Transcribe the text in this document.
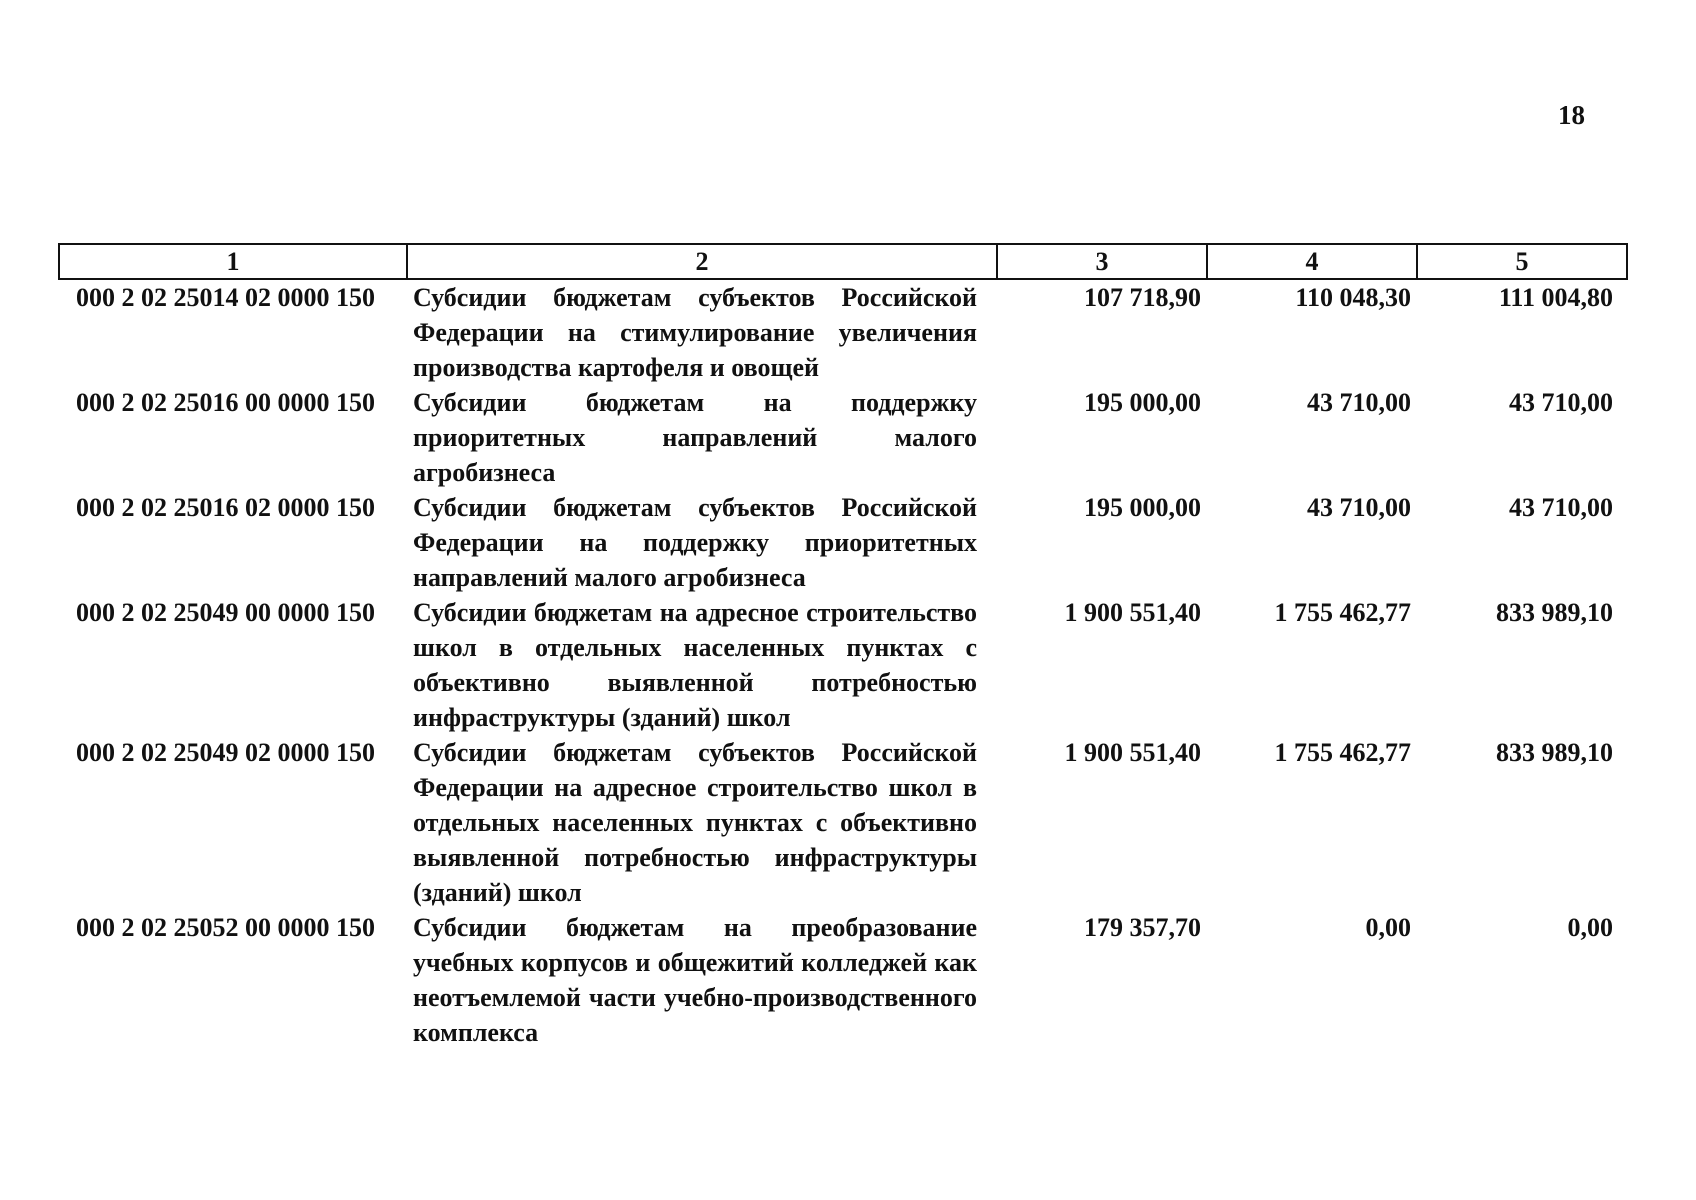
18
1	2	3	4	5
000 2 02 25014 02 0000 150	Субсидии бюджетам субъектов Российской Федерации на стимулирование увеличения производства картофеля и овощей	107 718,90	110 048,30	111 004,80
000 2 02 25016 00 0000 150	Субсидии бюджетам на поддержку приоритетных направлений малого агробизнеса	195 000,00	43 710,00	43 710,00
000 2 02 25016 02 0000 150	Субсидии бюджетам субъектов Российской Федерации на поддержку приоритетных направлений малого агробизнеса	195 000,00	43 710,00	43 710,00
000 2 02 25049 00 0000 150	Субсидии бюджетам на адресное строительство школ в отдельных населенных пунктах с объективно выявленной потребностью инфраструктуры (зданий) школ	1 900 551,40	1 755 462,77	833 989,10
000 2 02 25049 02 0000 150	Субсидии бюджетам субъектов Российской Федерации на адресное строительство школ в отдельных населенных пунктах с объективно выявленной потребностью инфраструктуры (зданий) школ	1 900 551,40	1 755 462,77	833 989,10
000 2 02 25052 00 0000 150	Субсидии бюджетам на преобразование учебных корпусов и общежитий колледжей как неотъемлемой части учебно-производственного комплекса	179 357,70	0,00	0,00
